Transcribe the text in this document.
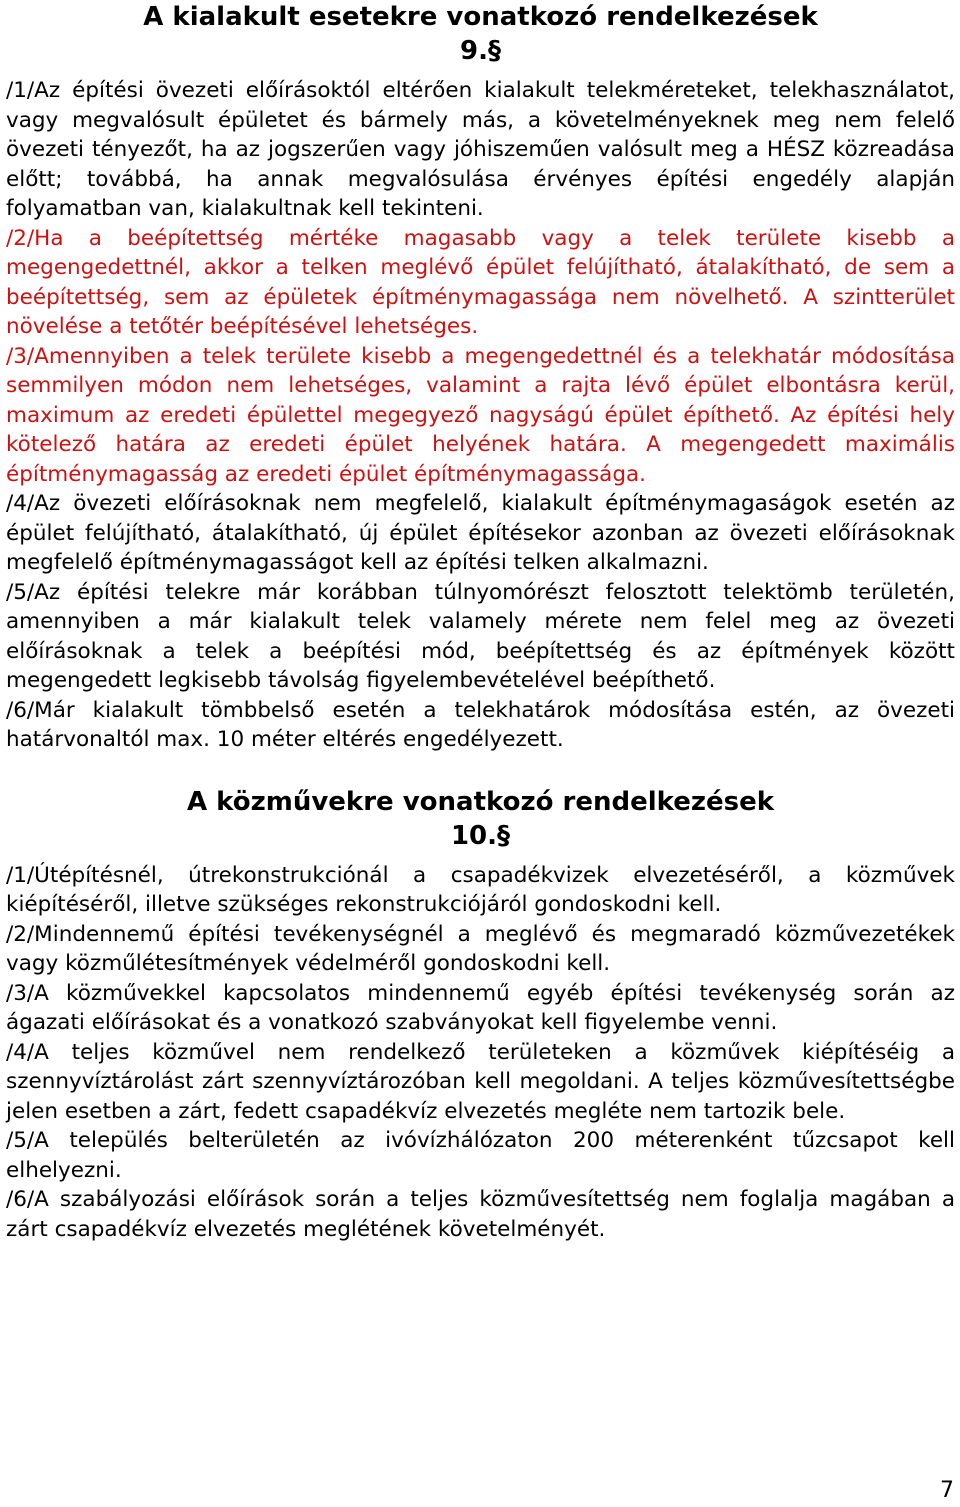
A kialakult esetekre vonatkozó rendelkezések
9.§

/1/Az építési övezeti előírásoktól eltérően kialakult telekméreteket, telekhasználatot, vagy megvalósult épületet és bármely más, a követelményeknek meg nem felelő övezeti tényezőt, ha az jogszerűen vagy jóhiszeműen valósult meg a HÉSZ közreadása előtt; továbbá, ha annak megvalósulása érvényes építési engedély alapján folyamatban van, kialakultnak kell tekinteni.

/2/Ha a beépítettség mértéke magasabb vagy a telek területe kisebb a megengedettnél, akkor a telken meglévő épület felújítható, átalakítható, de sem a beépítettség, sem az épületek építménymagassága nem növelhető. A szintterület növelése a tetőtér beépítésével lehetséges.

/3/Amennyiben a telek területe kisebb a megengedettnél és a telekhatár módosítása semmilyen módon nem lehetséges, valamint a rajta lévő épület elbontásra kerül, maximum az eredeti épülettel megegyező nagyságú épület építhető. Az építési hely kötelező határa az eredeti épület helyének határa. A megengedett maximális építménymagasság az eredeti épület építménymagassága.

/4/Az övezeti előírásoknak nem megfelelő, kialakult építménymagaságok esetén az épület felújítható, átalakítható, új épület építésekor azonban az övezeti előírásoknak megfelelő építménymagasságot kell az építési telken alkalmazni.

/5/Az építési telekre már korábban túlnyomórészt felosztott telektömb területén, amennyiben a már kialakult telek valamely mérete nem felel meg az övezeti előírásoknak a telek a beépítési mód, beépítettség és az építmények között megengedett legkisebb távolság figyelembevételével beépíthető.

/6/Már kialakult tömbbelső esetén a telekhatárok módosítása estén, az övezeti határvonaltól max. 10 méter eltérés engedélyezett.

A közművekre vonatkozó rendelkezések
10.§

/1/Útépítésnél, útrekonstrukciónál a csapadékvizek elvezetéséről, a közművek kiépítéséről, illetve szükséges rekonstrukciójáról gondoskodni kell.

/2/Mindennemű építési tevékenységnél a meglévő és megmaradó közművezetékek vagy közműlétesítmények védelméről gondoskodni kell.

/3/A közművekkel kapcsolatos mindennemű egyéb építési tevékenység során az ágazati előírásokat és a vonatkozó szabványokat kell figyelembe venni.

/4/A teljes közművel nem rendelkező területeken a közművek kiépítéséig a szennyvíztárolást zárt szennyvíztározóban kell megoldani. A teljes közművesítettségbe jelen esetben a zárt, fedett csapadékvíz elvezetés megléte nem tartozik bele.

/5/A település belterületén az ivóvízhálózaton 200 méterenként tűzcsapot kell elhelyezni.

/6/A szabályozási előírások során a teljes közművesítettség nem foglalja magában a zárt csapadékvíz elvezetés meglétének követelményét.

7
